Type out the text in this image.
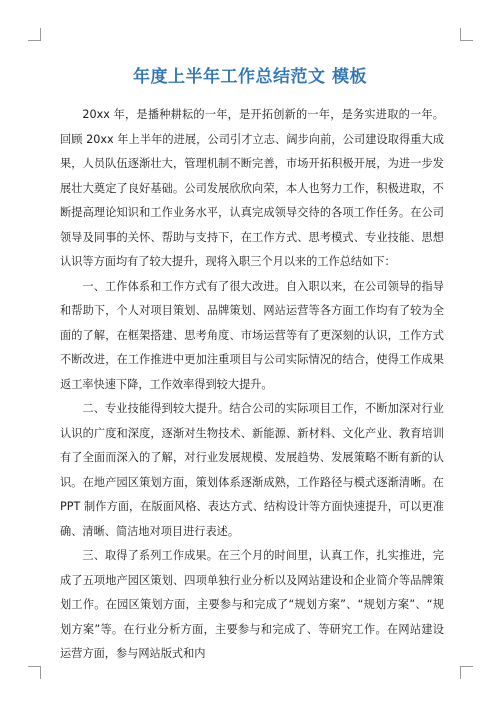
年度上半年工作总结范文 模板

20xx 年，是播种耕耘的一年，是开拓创新的一年，是务实进取的一年。回顾 20xx 年上半年的进展，公司引才立志、阔步向前，公司建设取得重大成果，人员队伍逐渐壮大，管理机制不断完善，市场开拓积极开展，为进一步发展壮大奠定了良好基础。公司发展欣欣向荣，本人也努力工作，积极进取，不断提高理论知识和工作业务水平，认真完成领导交待的各项工作任务。在公司领导及同事的关怀、帮助与支持下，在工作方式、思考模式、专业技能、思想认识等方面均有了较大提升，现将入职三个月以来的工作总结如下：

一、工作体系和工作方式有了很大改进。自入职以来，在公司领导的指导和帮助下，个人对项目策划、品牌策划、网站运营等各方面工作均有了较为全面的了解，在框架搭建、思考角度、市场运营等有了更深刻的认识，工作方式不断改进，在工作推进中更加注重项目与公司实际情况的结合，使得工作成果返工率快速下降，工作效率得到较大提升。

二、专业技能得到较大提升。结合公司的实际项目工作，不断加深对行业认识的广度和深度，逐渐对生物技术、新能源、新材料、文化产业、教育培训有了全面而深入的了解，对行业发展规模、发展趋势、发展策略不断有新的认识。在地产园区策划方面，策划体系逐渐成熟，工作路径与模式逐渐清晰。在 PPT 制作方面，在版面风格、表达方式、结构设计等方面快速提升，可以更准确、清晰、简洁地对项目进行表述。

三、取得了系列工作成果。在三个月的时间里，认真工作，扎实推进，完成了五项地产园区策划、四项单独行业分析以及网站建设和企业简介等品牌策划工作。在园区策划方面，主要参与和完成了“规划方案”、“规划方案”、“规划方案”等。在行业分析方面，主要参与和完成了、等研究工作。在网站建设运营方面，参与网站版式和内
